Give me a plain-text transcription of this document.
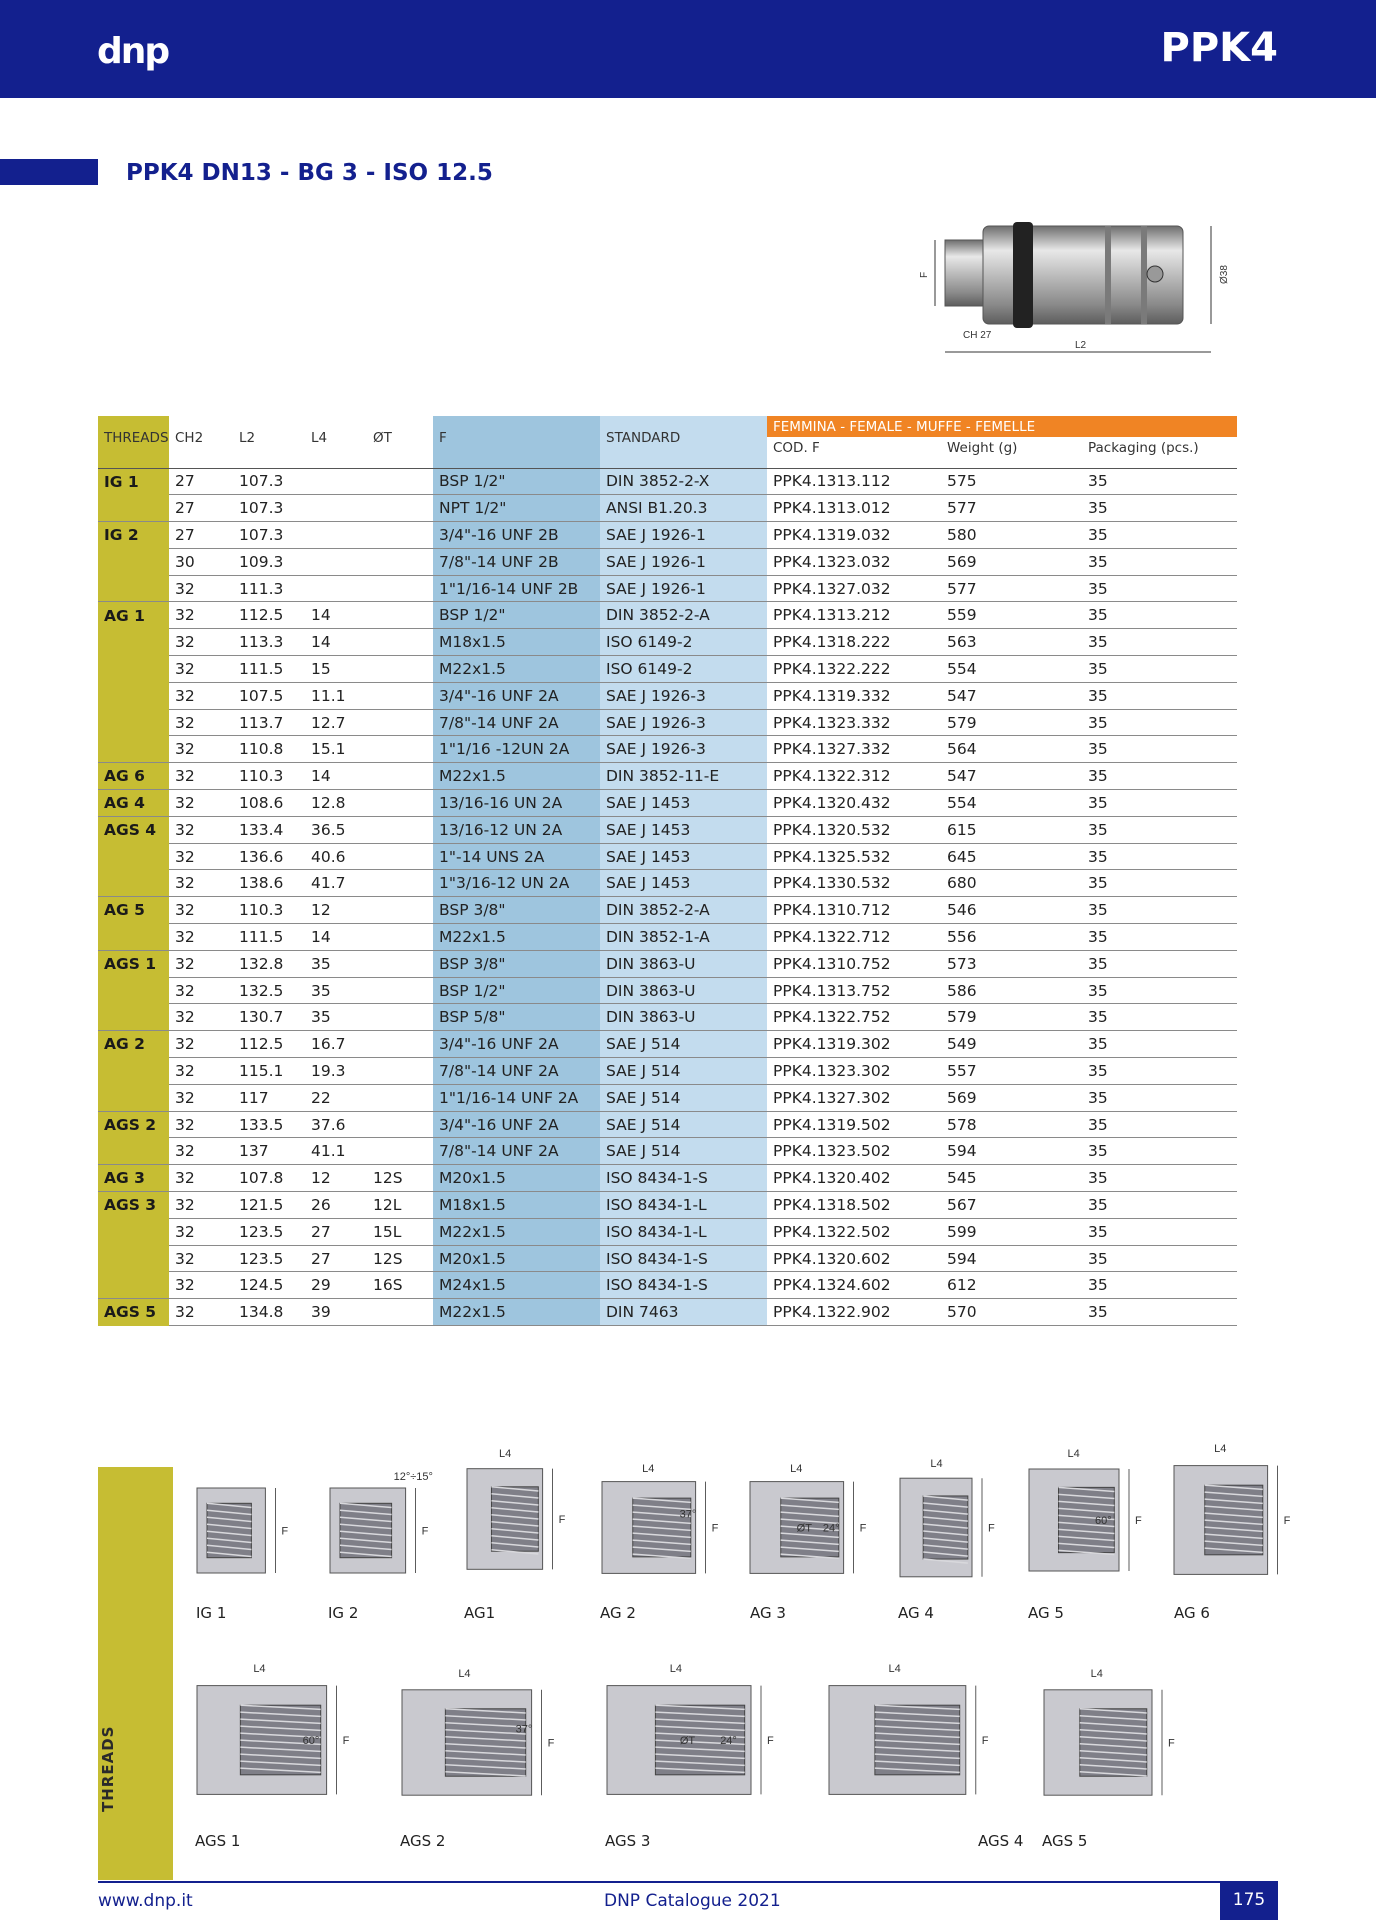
dnp	PPK4
PPK4 DN13 - BG 3 - ISO 12.5
CH 27
L2
F	Ø38
THREADS	CH2	L2	L4	ØT	F	STANDARD	FEMMINA - FEMALE - MUFFE - FEMELLE		
							COD. F	Weight (g)	Packaging (pcs.)

IG 1	27	107.3			BSP 1/2"	DIN 3852-2-X	PPK4.1313.112	575	35
	27	107.3			NPT 1/2"	ANSI B1.20.3	PPK4.1313.012	577	35
IG 2	27	107.3			3/4"-16 UNF 2B	SAE J 1926-1	PPK4.1319.032	580	35
	30	109.3			7/8"-14 UNF 2B	SAE J 1926-1	PPK4.1323.032	569	35
	32	111.3			1"1/16-14 UNF 2B	SAE J 1926-1	PPK4.1327.032	577	35
AG 1	32	112.5	14		BSP 1/2"	DIN 3852-2-A	PPK4.1313.212	559	35
	32	113.3	14		M18x1.5	ISO 6149-2	PPK4.1318.222	563	35
	32	111.5	15		M22x1.5	ISO 6149-2	PPK4.1322.222	554	35
	32	107.5	11.1		3/4"-16 UNF 2A	SAE J 1926-3	PPK4.1319.332	547	35
	32	113.7	12.7		7/8"-14 UNF 2A	SAE J 1926-3	PPK4.1323.332	579	35
	32	110.8	15.1		1"1/16 -12UN 2A	SAE J 1926-3	PPK4.1327.332	564	35
AG 6	32	110.3	14		M22x1.5	DIN 3852-11-E	PPK4.1322.312	547	35
AG 4	32	108.6	12.8		13/16-16 UN 2A	SAE J 1453	PPK4.1320.432	554	35
AGS 4	32	133.4	36.5		13/16-12 UN 2A	SAE J 1453	PPK4.1320.532	615	35
	32	136.6	40.6		1"-14 UNS 2A	SAE J 1453	PPK4.1325.532	645	35
	32	138.6	41.7		1"3/16-12 UN 2A	SAE J 1453	PPK4.1330.532	680	35
AG 5	32	110.3	12		BSP 3/8"	DIN 3852-2-A	PPK4.1310.712	546	35
	32	111.5	14		M22x1.5	DIN 3852-1-A	PPK4.1322.712	556	35
AGS 1	32	132.8	35		BSP 3/8"	DIN 3863-U	PPK4.1310.752	573	35
	32	132.5	35		BSP 1/2"	DIN 3863-U	PPK4.1313.752	586	35
	32	130.7	35		BSP 5/8"	DIN 3863-U	PPK4.1322.752	579	35
AG 2	32	112.5	16.7		3/4"-16 UNF 2A	SAE J 514	PPK4.1319.302	549	35
	32	115.1	19.3		7/8"-14 UNF 2A	SAE J 514	PPK4.1323.302	557	35
	32	117	22		1"1/16-14 UNF 2A	SAE J 514	PPK4.1327.302	569	35
AGS 2	32	133.5	37.6		3/4"-16 UNF 2A	SAE J 514	PPK4.1319.502	578	35
	32	137	41.1		7/8"-14 UNF 2A	SAE J 514	PPK4.1323.502	594	35
AG 3	32	107.8	12	12S	M20x1.5	ISO 8434-1-S	PPK4.1320.402	545	35
AGS 3	32	121.5	26	12L	M18x1.5	ISO 8434-1-L	PPK4.1318.502	567	35
	32	123.5	27	15L	M22x1.5	ISO 8434-1-L	PPK4.1322.502	599	35
	32	123.5	27	12S	M20x1.5	ISO 8434-1-S	PPK4.1320.602	594	35
	32	124.5	29	16S	M24x1.5	ISO 8434-1-S	PPK4.1324.602	612	35
AGS 5	32	134.8	39		M22x1.5	DIN 7463	PPK4.1322.902	570	35
THREADS
F
IG 1
F
12°÷15°
IG 2
F
L4
AG1
F
L4
37°
AG 2
F
L4
ØT 24°
AG 3
F
L4
AG 4
F
L4
60°
AG 5
F
L4
AG 6
F
L4
60°
AGS 1
F
L4
37°
AGS 2
F
L4
ØT 24°
AGS 3
F
L4
AGS 4
F
L4
AGS 5
www.dnp.it	DNP Catalogue 2021	175
